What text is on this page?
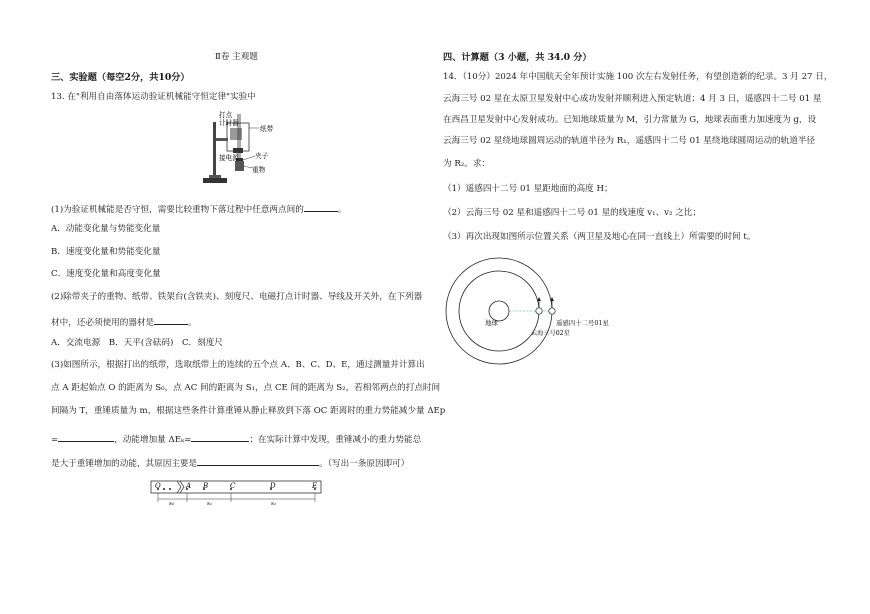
Ⅱ卷 主观题
三、实验题（每空2分，共10分）
13. 在"利用自由落体运动验证机械能守恒定律"实验中
打点
计时器
纸带
接电源 夹子
重物
(1)为验证机械能是否守恒，需要比较重物下落过程中任意两点间的	。
A．动能变化量与势能变化量
B．速度变化量和势能变化量
C．速度变化量和高度变化量
(2)除带夹子的重物、纸带、铁架台(含铁夹)、刻度尺、电磁打点计时器、导线及开关外，在下列器
材中，还必须使用的器材是	。
A．交流电源　B．天平(含砝码)　C．刻度尺
(3)如图所示，根据打出的纸带，选取纸带上的连续的五个点 A、B、C、D、E，通过测量并计算出
点 A 距起始点 O 的距离为 S₀，点 AC 间的距离为 S₁，点 CE 间的距离为 S₂，若相邻两点的打点时间
间隔为 T，重锤质量为 m，根据这些条件计算重锤从静止释放到下落 OC 距离时的重力势能减少量 ΔEp
=	，动能增加量 ΔEₖ=	；在实际计算中发现，重锤减小的重力势能总
是大于重锤增加的动能，其原因主要是	。（写出一条原因即可）
O	A B	C	D	E
s₀	s₁	s₂
四、计算题（3 小题，共 34.0 分）
14．（10分）2024 年中国航天全年预计实施 100 次左右发射任务，有望创造新的纪录。3 月 27 日，
云海三号 02 星在太原卫星发射中心成功发射并顺利进入预定轨道；4 月 3 日，遥感四十二号 01 星
在西昌卫星发射中心发射成功。已知地球质量为 M，引力常量为 G，地球表面重力加速度为 g，设
云海三号 02 星绕地球圆周运动的轨道半径为 R₁，遥感四十二号 01 星绕地球圆周运动的轨道半径
为 R₂。求：
（1）遥感四十二号 01 星距地面的高度 H；
（2）云海三号 02 星和遥感四十二号 01 星的线速度 v₁、v₂ 之比；
（3）再次出现如图所示位置关系（两卫星及地心在同一直线上）所需要的时间 t。
地球
云海三号02星
遥感四十二号01星
